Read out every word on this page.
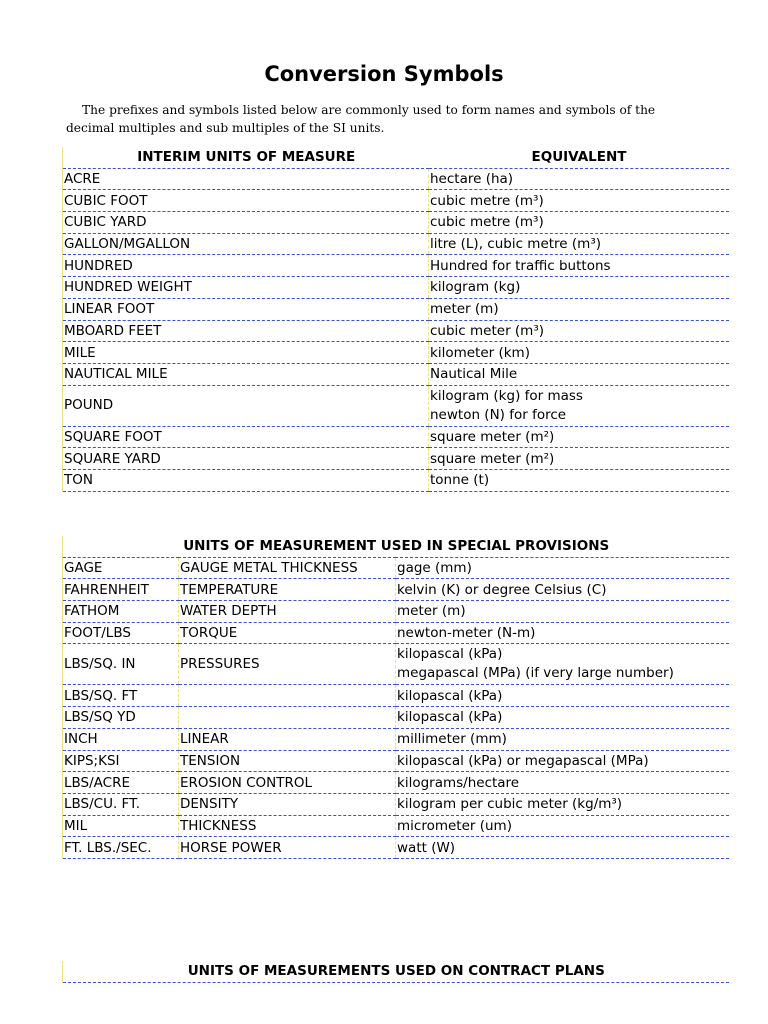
Conversion Symbols
The prefixes and symbols listed below are commonly used to form names and symbols of the decimal multiples and sub multiples of the SI units.
INTERIM UNITS OF MEASURE	EQUIVALENT
ACRE	hectare (ha)
CUBIC FOOT	cubic metre (m³)
CUBIC YARD	cubic metre (m³)
GALLON/MGALLON	litre (L), cubic metre (m³)
HUNDRED	Hundred for traffic buttons
HUNDRED WEIGHT	kilogram (kg)
LINEAR FOOT	meter (m)
MBOARD FEET	cubic meter (m³)
MILE	kilometer (km)
NAUTICAL MILE	Nautical Mile
POUND	kilogram (kg) for mass
newton (N) for force

SQUARE FOOT	square meter (m²)
SQUARE YARD	square meter (m²)
TON	tonne (t)
UNITS OF MEASUREMENT USED IN SPECIAL PROVISIONS		
GAGE	GAUGE METAL THICKNESS	gage (mm)
FAHRENHEIT	TEMPERATURE	kelvin (K) or degree Celsius (C)
FATHOM	WATER DEPTH	meter (m)
FOOT/LBS	TORQUE	newton-meter (N-m)
LBS/SQ. IN	PRESSURES	kilopascal (kPa)
megapascal (MPa) (if very large number)

LBS/SQ. FT		kilopascal (kPa)
LBS/SQ YD		kilopascal (kPa)
INCH	LINEAR	millimeter (mm)
KIPS;KSI	TENSION	kilopascal (kPa) or megapascal (MPa)
LBS/ACRE	EROSION CONTROL	kilograms/hectare
LBS/CU. FT.	DENSITY	kilogram per cubic meter (kg/m³)
MIL	THICKNESS	micrometer (um)
FT. LBS./SEC.	HORSE POWER	watt (W)
UNITS OF MEASUREMENTS USED ON CONTRACT PLANS
